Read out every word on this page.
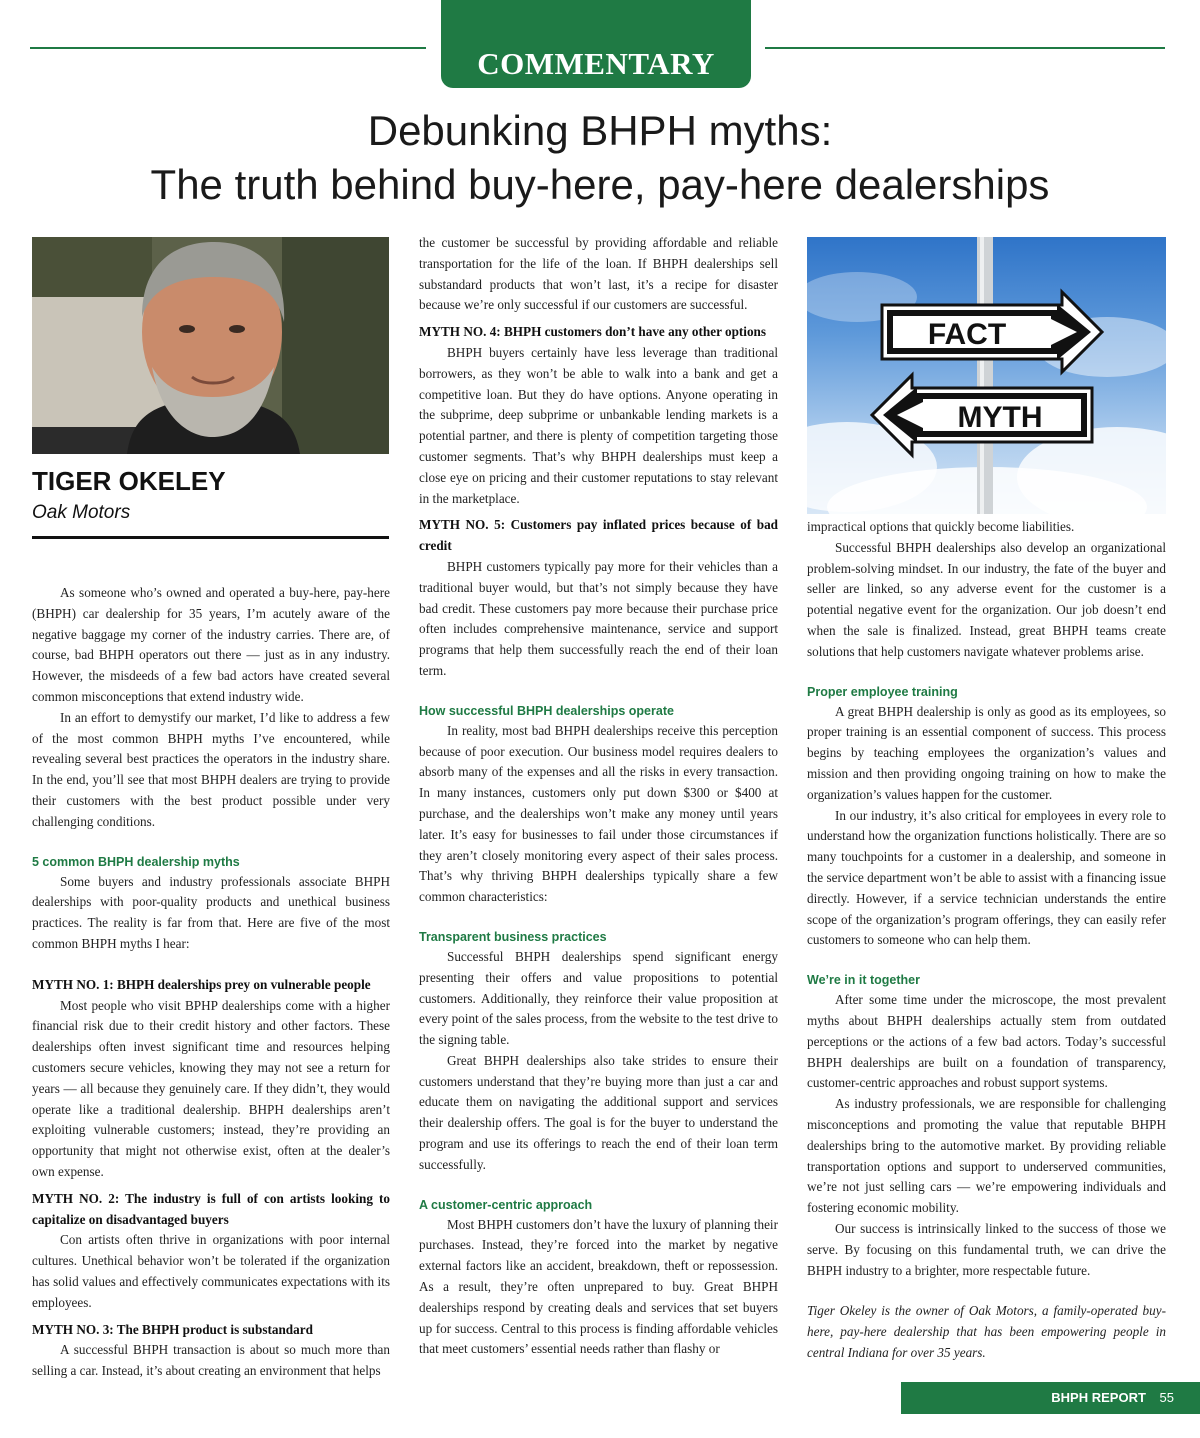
COMMENTARY
Debunking BHPH myths:
The truth behind buy-here, pay-here dealerships
TIGER OKELEY
Oak Motors

As someone who’s owned and operated a buy-here, pay-here (BHPH) car dealership for 35 years, I’m acutely aware of the negative baggage my corner of the industry carries. There are, of course, bad BHPH operators out there — just as in any industry. However, the misdeeds of a few bad actors have created several common misconceptions that extend industry wide.

In an effort to demystify our market, I’d like to address a few of the most common BHPH myths I’ve encountered, while revealing several best practices the operators in the industry share. In the end, you’ll see that most BHPH dealers are trying to provide their customers with the best product possible under very challenging conditions.

5 common BHPH dealership myths

Some buyers and industry professionals associate BHPH dealerships with poor-quality products and unethical business practices. The reality is far from that. Here are five of the most common BHPH myths I hear:

MYTH NO. 1: BHPH dealerships prey on vulnerable people

Most people who visit BPHP dealerships come with a higher financial risk due to their credit history and other factors. These dealerships often invest significant time and resources helping customers secure vehicles, knowing they may not see a return for years — all because they genuinely care. If they didn’t, they would operate like a traditional dealership. BHPH dealerships aren’t exploiting vulnerable customers; instead, they’re providing an opportunity that might not otherwise exist, often at the dealer’s own expense.

MYTH NO. 2: The industry is full of con artists looking to capitalize on disadvantaged buyers

Con artists often thrive in organizations with poor internal cultures. Unethical behavior won’t be tolerated if the organization has solid values and effectively communicates expectations with its employees.

MYTH NO. 3: The BHPH product is substandard

A successful BHPH transaction is about so much more than selling a car. Instead, it’s about creating an environment that helps

the customer be successful by providing affordable and reliable transportation for the life of the loan. If BHPH dealerships sell substandard products that won’t last, it’s a recipe for disaster because we’re only successful if our customers are successful.

MYTH NO. 4: BHPH customers don’t have any other options

BHPH buyers certainly have less leverage than traditional borrowers, as they won’t be able to walk into a bank and get a competitive loan. But they do have options. Anyone operating in the subprime, deep subprime or unbankable lending markets is a potential partner, and there is plenty of competition targeting those customer segments. That’s why BHPH dealerships must keep a close eye on pricing and their customer reputations to stay relevant in the marketplace.

MYTH NO. 5: Customers pay inflated prices because of bad credit

BHPH customers typically pay more for their vehicles than a traditional buyer would, but that’s not simply because they have bad credit. These customers pay more because their purchase price often includes comprehensive maintenance, service and support programs that help them successfully reach the end of their loan term.

How successful BHPH dealerships operate

In reality, most bad BHPH dealerships receive this perception because of poor execution. Our business model requires dealers to absorb many of the expenses and all the risks in every transaction. In many instances, customers only put down $300 or $400 at purchase, and the dealerships won’t make any money until years later. It’s easy for businesses to fail under those circumstances if they aren’t closely monitoring every aspect of their sales process. That’s why thriving BHPH dealerships typically share a few common characteristics:

Transparent business practices

Successful BHPH dealerships spend significant energy presenting their offers and value propositions to potential customers. Additionally, they reinforce their value proposition at every point of the sales process, from the website to the test drive to the signing table.

Great BHPH dealerships also take strides to ensure their customers understand that they’re buying more than just a car and educate them on navigating the additional support and services their dealership offers. The goal is for the buyer to understand the program and use its offerings to reach the end of their loan term successfully.

A customer-centric approach

Most BHPH customers don’t have the luxury of planning their purchases. Instead, they’re forced into the market by negative external factors like an accident, breakdown, theft or repossession. As a result, they’re often unprepared to buy. Great BHPH dealerships respond by creating deals and services that set buyers up for success. Central to this process is finding affordable vehicles that meet customers’ essential needs rather than flashy or

FACT
MYTH

impractical options that quickly become liabilities.

Successful BHPH dealerships also develop an organizational problem-solving mindset. In our industry, the fate of the buyer and seller are linked, so any adverse event for the customer is a potential negative event for the organization. Our job doesn’t end when the sale is finalized. Instead, great BHPH teams create solutions that help customers navigate whatever problems arise.

Proper employee training

A great BHPH dealership is only as good as its employees, so proper training is an essential component of success. This process begins by teaching employees the organization’s values and mission and then providing ongoing training on how to make the organization’s values happen for the customer.

In our industry, it’s also critical for employees in every role to understand how the organization functions holistically. There are so many touchpoints for a customer in a dealership, and someone in the service department won’t be able to assist with a financing issue directly. However, if a service technician understands the entire scope of the organization’s program offerings, they can easily refer customers to someone who can help them.

We’re in it together

After some time under the microscope, the most prevalent myths about BHPH dealerships actually stem from outdated perceptions or the actions of a few bad actors. Today’s successful BHPH dealerships are built on a foundation of transparency, customer-centric approaches and robust support systems.

As industry professionals, we are responsible for challenging misconceptions and promoting the value that reputable BHPH dealerships bring to the automotive market. By providing reliable transportation options and support to underserved communities, we’re not just selling cars — we’re empowering individuals and fostering economic mobility.

Our success is intrinsically linked to the success of those we serve. By focusing on this fundamental truth, we can drive the BHPH industry to a brighter, more respectable future.

Tiger Okeley is the owner of Oak Motors, a family-operated buy-here, pay-here dealership that has been empowering people in central Indiana for over 35 years.

BHPH REPORT 55
